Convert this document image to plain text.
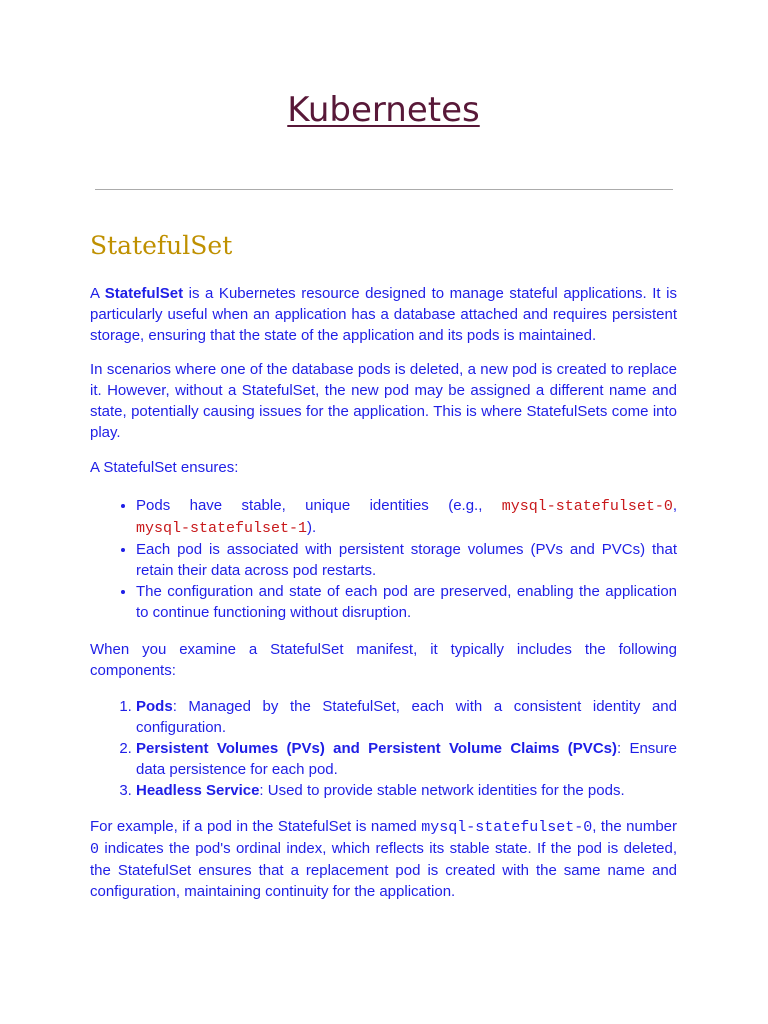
Kubernetes
StatefulSet

A StatefulSet is a Kubernetes resource designed to manage stateful applications. It is particularly useful when an application has a database attached and requires persistent storage, ensuring that the state of the application and its pods is maintained.

In scenarios where one of the database pods is deleted, a new pod is created to replace it. However, without a StatefulSet, the new pod may be assigned a different name and state, potentially causing issues for the application. This is where StatefulSets come into play.

A StatefulSet ensures:

• Pods have stable, unique identities (e.g., mysql-statefulset-0, mysql-statefulset-1).
• Each pod is associated with persistent storage volumes (PVs and PVCs) that retain their data across pod restarts.
• The configuration and state of each pod are preserved, enabling the application to continue functioning without disruption.

When you examine a StatefulSet manifest, it typically includes the following components:

1. Pods: Managed by the StatefulSet, each with a consistent identity and configuration.
2. Persistent Volumes (PVs) and Persistent Volume Claims (PVCs): Ensure data persistence for each pod.
3. Headless Service: Used to provide stable network identities for the pods.

For example, if a pod in the StatefulSet is named mysql-statefulset-0, the number 0 indicates the pod's ordinal index, which reflects its stable state. If the pod is deleted, the StatefulSet ensures that a replacement pod is created with the same name and configuration, maintaining continuity for the application.
